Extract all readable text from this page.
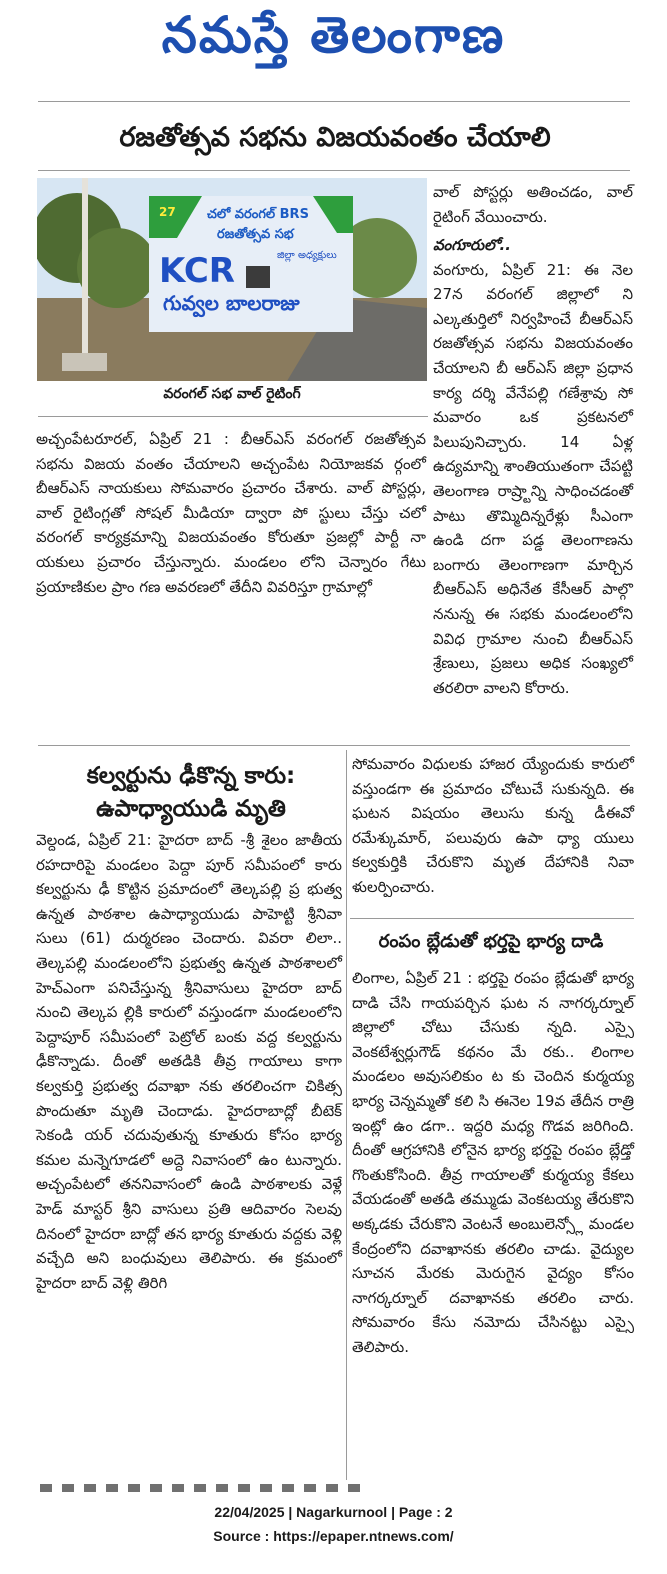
నమస్తే తెలంగాణ
రజతోత్సవ సభను విజయవంతం చేయాలి
27 చలో వరంగల్ BRS
రజతోత్సవ సభ
KCR	జిల్లా అధ్యక్షులు
గువ్వల బాలరాజు
వరంగల్ సభ వాల్ రైటింగ్

అచ్చంపేటరూరల్, ఏప్రిల్ 21 : బీఆర్ఎస్ వరంగల్ రజతోత్సవ సభను విజయ వంతం చేయాలని అచ్చంపేట నియోజకవ ర్గంలో బీఆర్ఎస్ నాయకులు సోమవారం ప్రచారం చేశారు. వాల్ పోస్టర్లు, వాల్ రైటింగ్లతో సోషల్ మీడియా ద్వారా పో స్టులు చేస్తు చలో వరంగల్ కార్యక్రమాన్ని విజయవంతం కోరుతూ ప్రజల్లో పార్టీ నా యకులు ప్రచారం చేస్తున్నారు. మండలం లోని చెన్నారం గేటు ప్రయాణికుల ప్రాం గణ అవరణలో తేదీని వివరిస్తూ గ్రామాల్లో

వాల్ పోస్టర్లు అతించడం, వాల్ రైటింగ్ వేయించారు.

వంగూరులో..

వంగూరు, ఏప్రిల్ 21: ఈ నెల 27న వరంగల్ జిల్లాలో ని ఎల్కతుర్తిలో నిర్వహించే బీఆర్ఎస్ రజతోత్సవ సభను విజయవంతం చేయాలని బీ ఆర్ఎస్ జిల్లా ప్రధాన కార్య దర్శి వేనేపల్లి గణేశ్రావు సో మవారం ఒక ప్రకటనలో పిలుపునిచ్చారు. 14 ఏళ్ల ఉద్యమాన్ని శాంతియుతంగా చేపట్టి తెలంగాణ రాష్ర్టాన్ని సాధించడంతో పాటు తొమ్మిదిన్నరేళ్లు సీఎంగా ఉండి దగా పడ్డ తెలంగాణను బంగారు తెలంగాణగా మార్చిన బీఆర్ఎస్ అధినేత కేసీఆర్ పాల్గొ ననున్న ఈ సభకు మండలంలోని వివిధ గ్రామాల నుంచి బీఆర్ఎస్ శ్రేణులు, ప్రజలు అధిక సంఖ్యలో తరలిరా వాలని కోరారు.

కల్వర్టును ఢీకొన్న కారు:
ఉపాధ్యాయుడి మృతి

వెల్దండ, ఏప్రిల్ 21: హైదరా బాద్ -శ్రీ శైలం జాతీయ రహదారిపై మండలం పెద్దా పూర్ సమీపంలో కారు కల్వర్టును ఢీ కొట్టిన ప్రమాదంలో తెల్కపల్లి ప్ర భుత్వ ఉన్నత పాఠశాల ఉపాధ్యాయుడు పాహెట్టి శ్రీనివా సులు (61) దుర్మరణం చెందారు. వివరా లిలా.. తెల్కపల్లి మండలంలోని ప్రభుత్వ ఉన్నత పాఠశాలలో హెచ్ఎంగా పనిచేస్తున్న శ్రీనివాసులు హైదరా బాద్ నుంచి తెల్కప ల్లికి కారులో వస్తుండగా మండలంలోని పెద్దాపూర్ సమీపంలో పెట్రోల్ బంకు వద్ద కల్వర్టును ఢీకొన్నాడు. దీంతో అతడికి తీవ్ర గాయాలు కాగా కల్వకుర్తి ప్రభుత్వ దవాఖా నకు తరలించగా చికిత్స పొందుతూ మృతి చెందాడు. హైదరాబాద్లో బీటెక్ సెకండి యర్ చదువుతున్న కూతురు కోసం భార్య కమల మన్నెగూడలో అద్దె నివాసంలో ఉం టున్నారు. అచ్చంపేటలో తననివాసంలో ఉండి పాఠశాలకు వెళ్లే హెడ్ మాస్టర్ శ్రీని వాసులు ప్రతి ఆదివారం సెలవు దినంలో హైదరా బాద్లో తన భార్య కూతురు వద్దకు వెళ్లి వచ్చేది అని బంధువులు తెలిపారు. ఈ క్రమంలో హైదరా బాద్ వెళ్లి తిరిగి

సోమవారం విధులకు హాజర య్యేందుకు కారులో వస్తుండగా ఈ ప్రమాదం చోటుచే సుకున్నది. ఈ ఘటన విషయం తెలుసు కున్న డీఈవో రమేశ్కుమార్, పలువురు ఉపా ధ్యా యులు కల్వకుర్తికి చేరుకొని మృత దేహానికి నివా ళులర్పించారు.

రంపం బ్లేడుతో భర్తపై భార్య దాడి

లింగాల, ఏప్రిల్ 21 : భర్తపై రంపం బ్లేడుతో భార్య దాడి చేసి గాయపర్చిన ఘట న నాగర్కర్నూల్ జిల్లాలో చోటు చేసుకు న్నది. ఎస్సై వెంకటేశ్వర్లుగౌడ్ కథనం మే రకు.. లింగాల మండలం అవుసలికుం ట కు చెందిన కుర్మయ్య భార్య చెన్నమ్మతో కలి సి ఈనెల 19వ తేదీన రాత్రి ఇంట్లో ఉం డగా.. ఇద్దరి మధ్య గొడవ జరిగింది. దీంతో ఆగ్రహానికి లోనైన భార్య భర్తపై రంపం బ్లేడ్తో గొంతుకోసింది. తీవ్ర గాయాలతో కుర్మయ్య కేకలు వేయడంతో అతడి తమ్ముడు వెంకటయ్య తేరుకొని అక్కడకు చేరుకొని వెంటనే అంబులెన్స్లో మండల కేంద్రంలోని దవాఖానకు తరలిం చాడు. వైద్యుల సూచన మేరకు మెరుగైన వైద్యం కోసం నాగర్కర్నూల్ దవాఖానకు తరలిం చారు. సోమవారం కేసు నమోదు చేసినట్టు ఎస్సై తెలిపారు.

22/04/2025 | Nagarkurnool | Page : 2
Source : https://epaper.ntnews.com/
